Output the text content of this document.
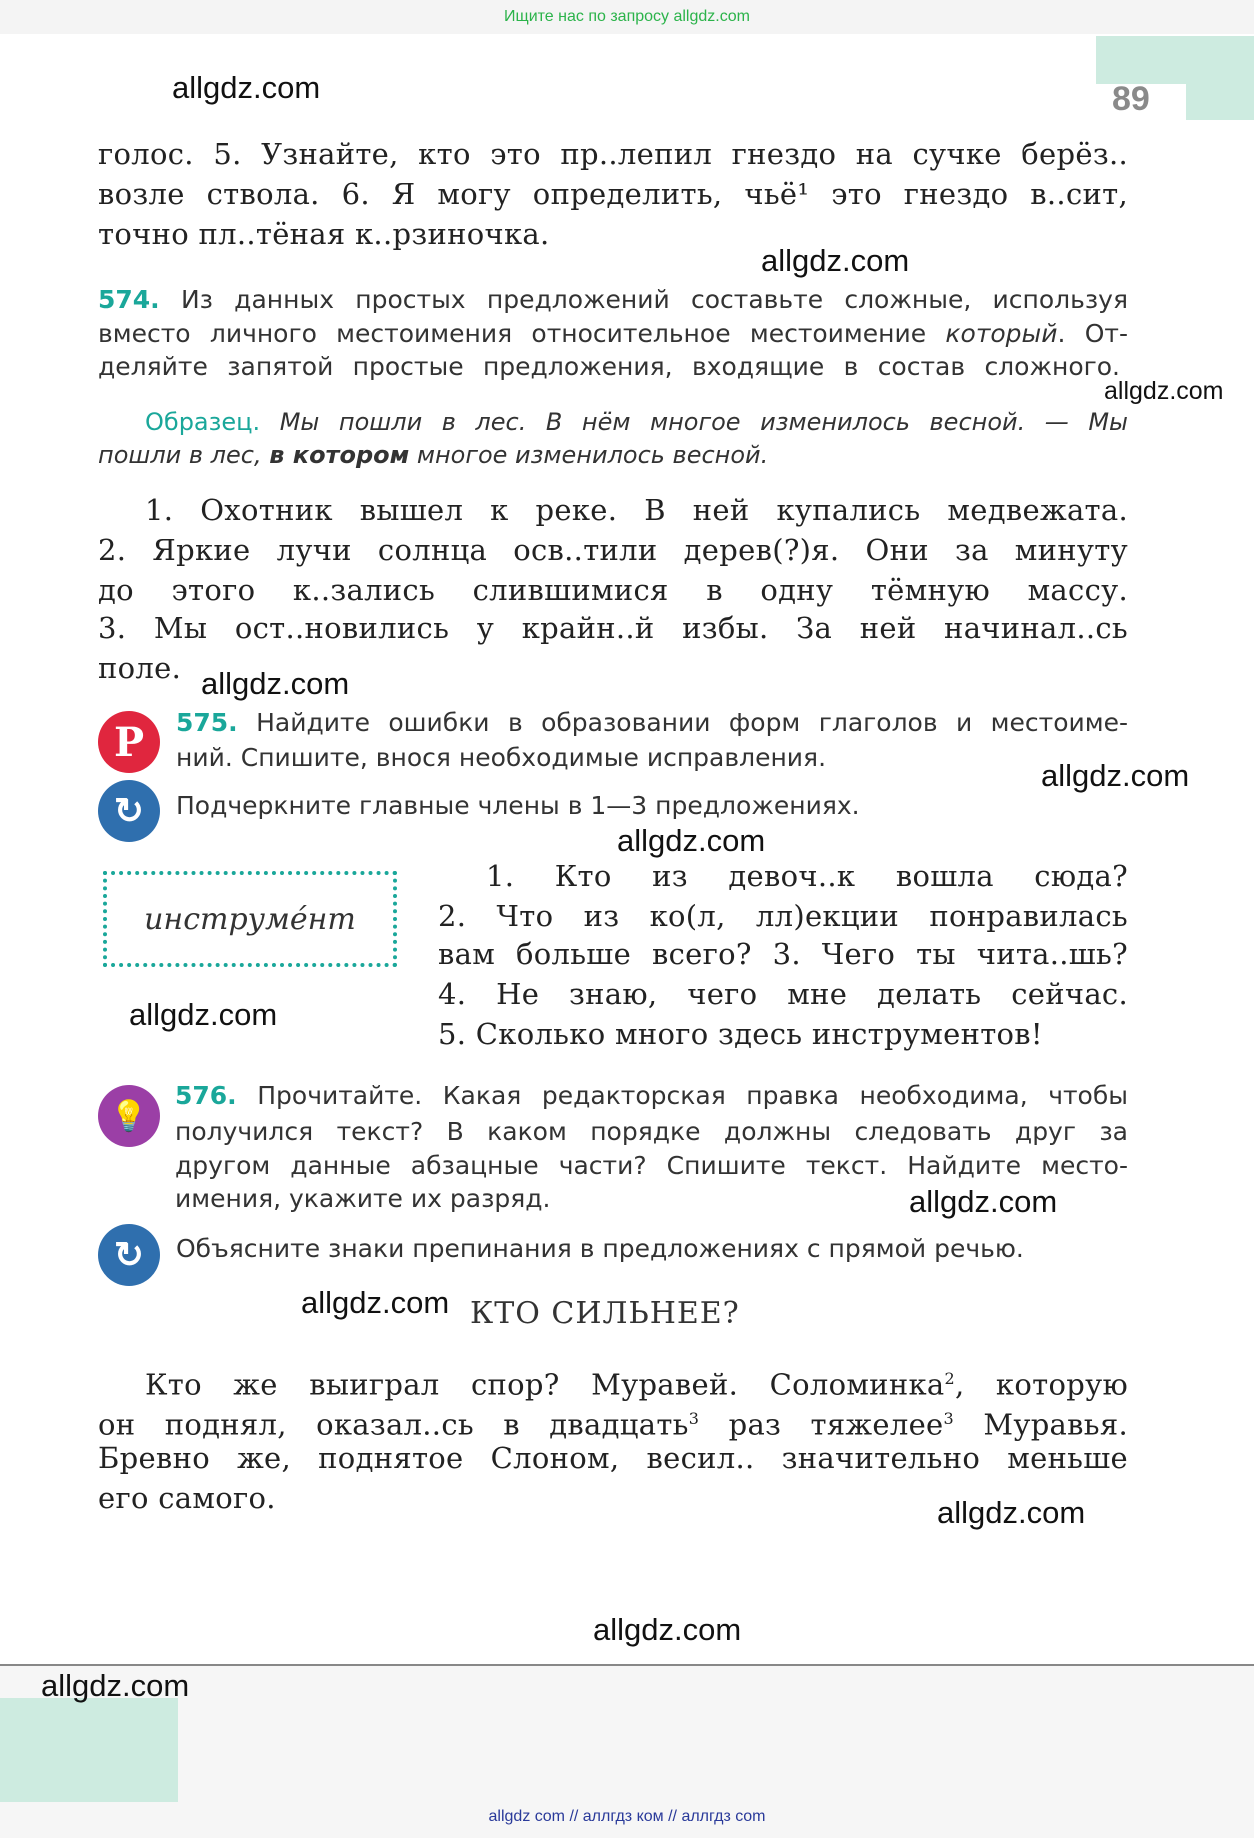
Ищите нас по запросу allgdz.com
89
голос. 5. Узнайте, кто это пр..лепил гнездо на сучке берёз..
возле ствола. 6. Я могу определить, чьё¹ это гнездо в..сит,
точно пл..тёная к..рзиночка.
574. Из данных простых предложений составьте сложные, используя
вместо личного местоимения относительное местоимение который. От-
деляйте запятой простые предложения, входящие в состав сложного.
Образец. Мы пошли в лес. В нём многое изменилось весной. — Мы
пошли в лес, в котором многое изменилось весной.
1. Охотник вышел к реке. В ней купались медвежата.
2. Яркие лучи солнца осв..тили дерев(?)я. Они за минуту
до этого к..зались слившимися в одну тёмную массу.
3. Мы ост..новились у крайн..й избы. За ней начинал..сь
поле.
Р	575. Найдите ошибки в образовании форм глаголов и местоиме-
ний. Спишите, внося необходимые исправления.
↻	Подчеркните главные члены в 1—3 предложениях.
инструме́нт
1. Кто из девоч..к вошла сюда?
2. Что из ко(л, лл)екции понравилась
вам больше всего? 3. Чего ты чита..шь?
4. Не знаю, чего мне делать сейчас.
5. Сколько много здесь инструментов!
💡
576. Прочитайте. Какая редакторская правка необходима, чтобы
получился текст? В каком порядке должны следовать друг за
другом данные абзацные части? Спишите текст. Найдите место-
имения, укажите их разряд.
↻	Объясните знаки препинания в предложениях с прямой речью.
КТО СИЛЬНЕЕ?
Кто же выиграл спор? Муравей. Соломинка$^2$, которую
он поднял, оказал..сь в двадцать$^3$ раз тяжелее$^3$ Муравья.
Бревно же, поднятое Слоном, весил.. значительно меньше
его самого.
allgdz.com
allgdz.com
allgdz.com
allgdz.com
allgdz.com
allgdz.com
allgdz.com
allgdz.com
allgdz.com
allgdz.com
allgdz.com
allgdz.com
allgdz com // аллгдз ком // аллгдз com
